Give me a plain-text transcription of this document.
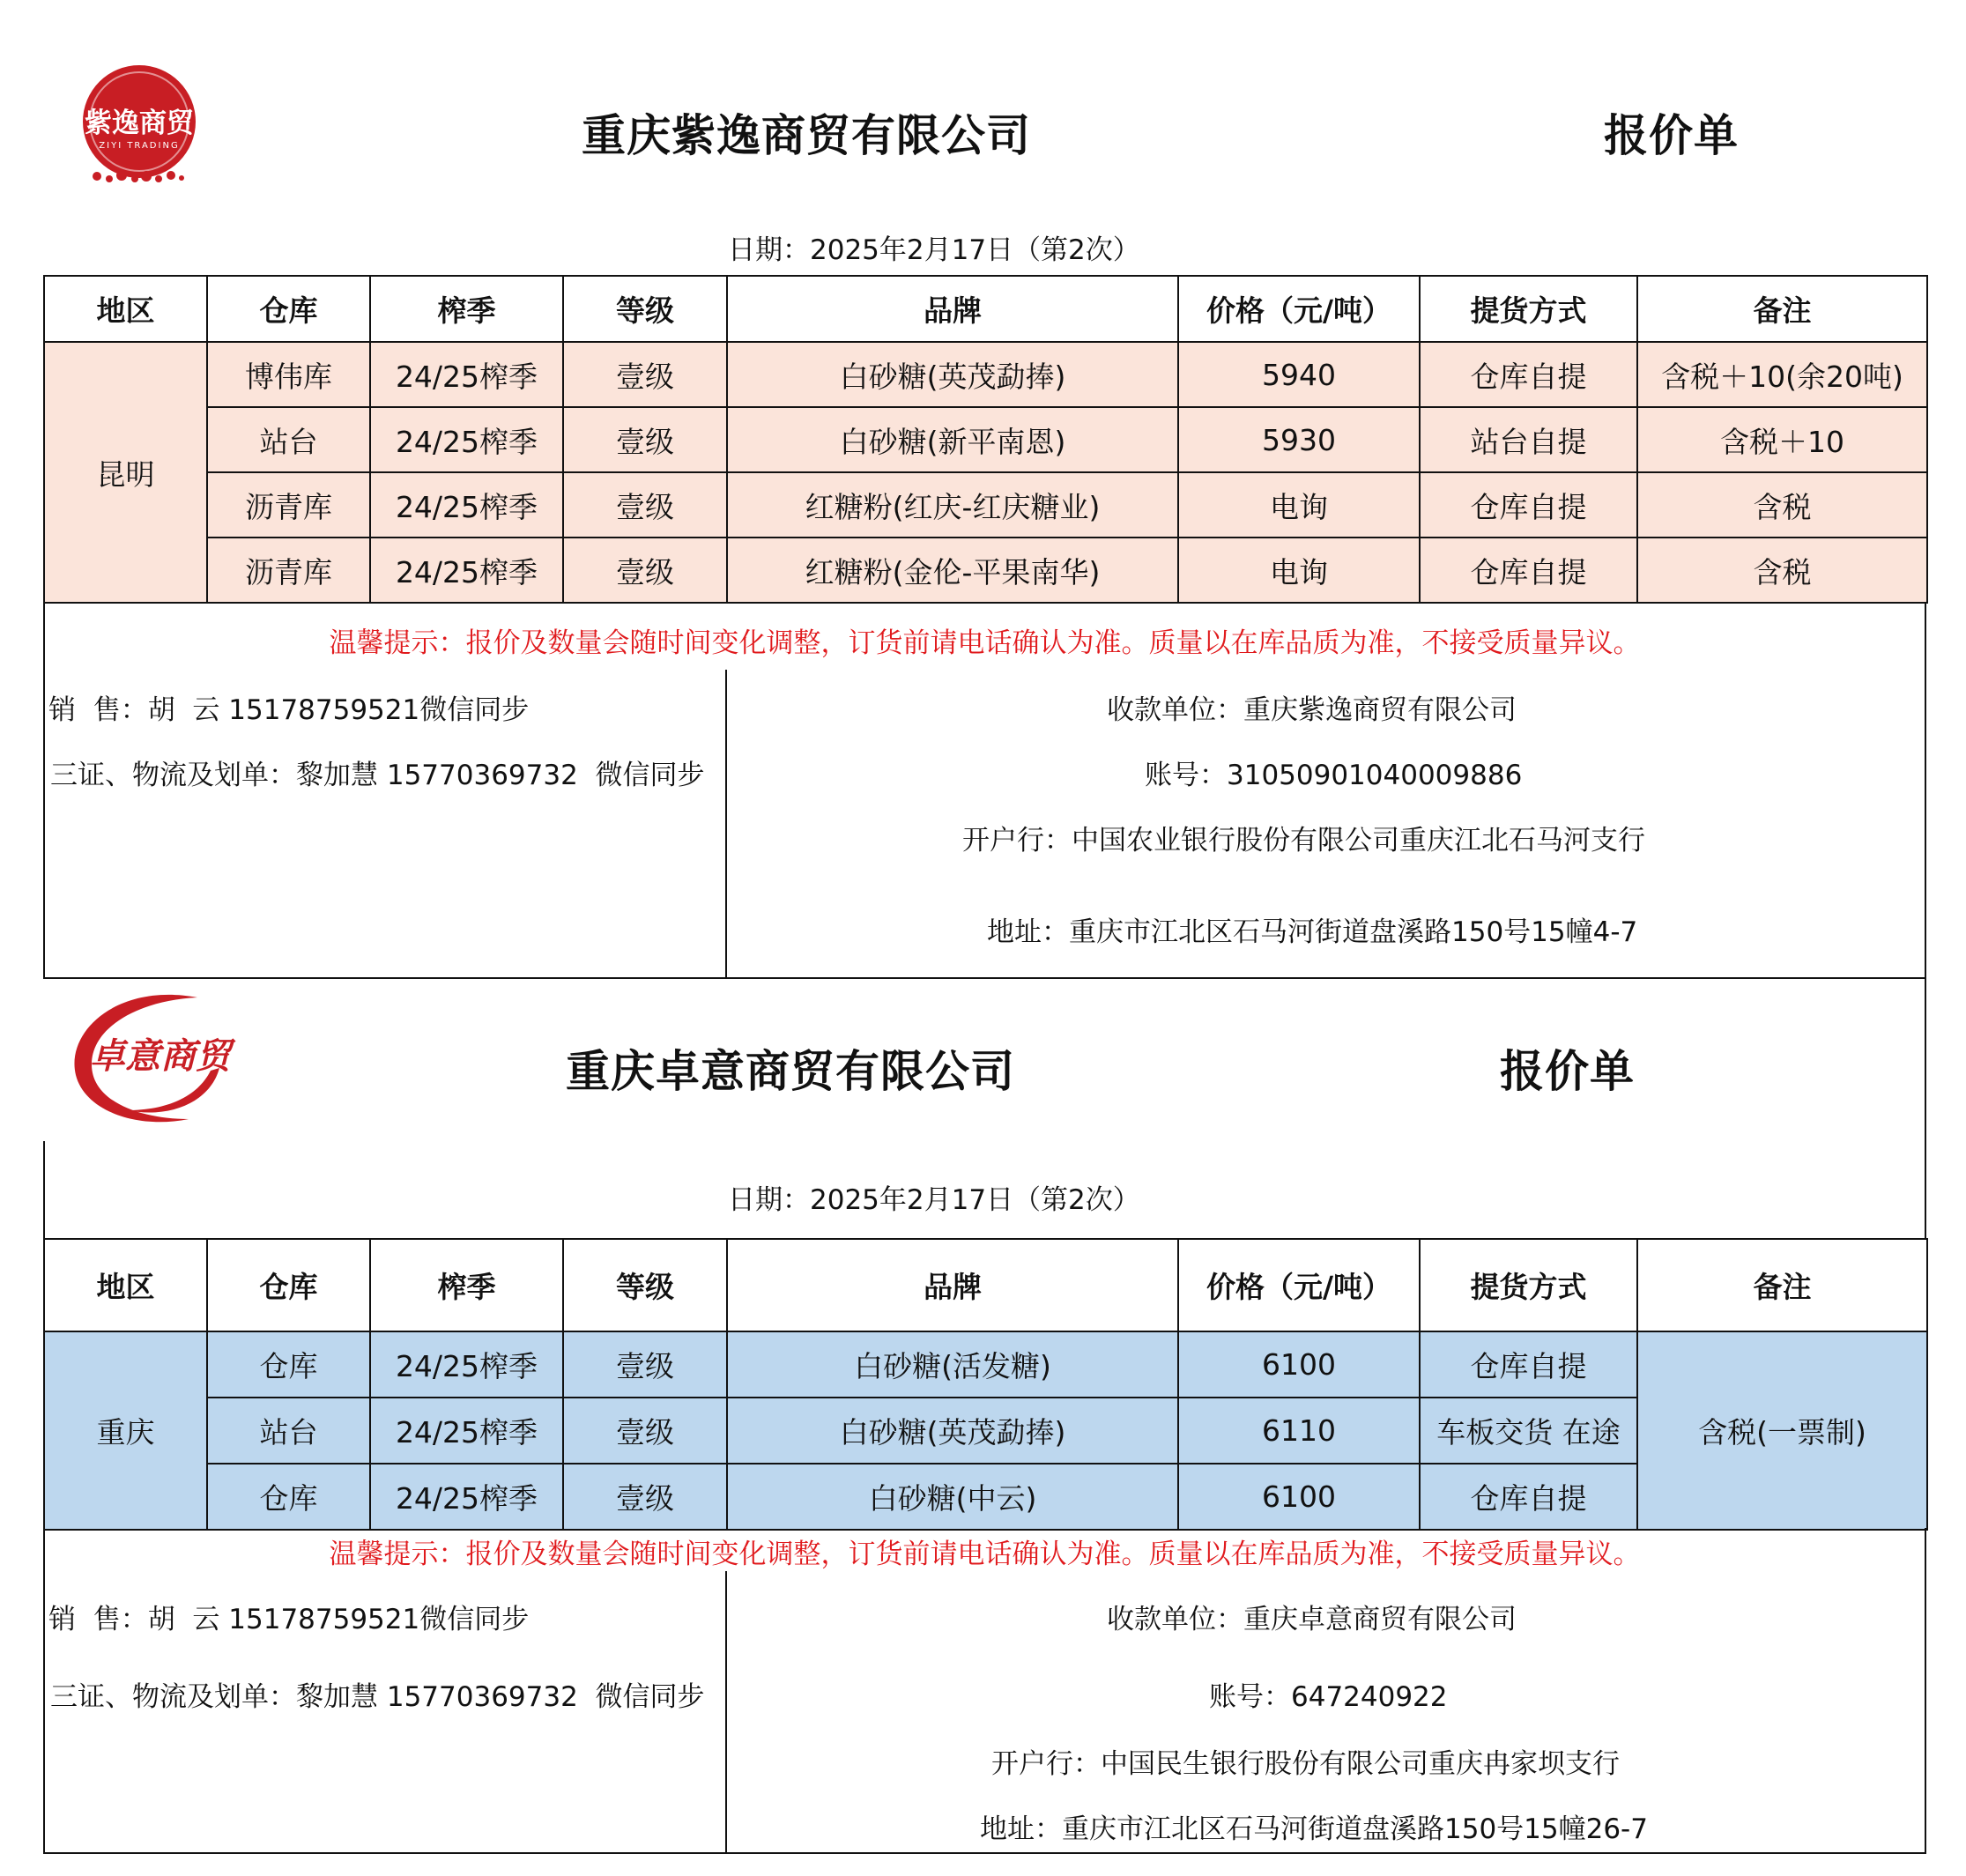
紫逸商贸
ZIYI TRADING	重庆紫逸商贸有限公司	报价单
日期：2025年2月17日（第2次）
地区	仓库	榨季	等级	品牌	价格（元/吨）	提货方式	备注
昆明	博伟库	24/25榨季	壹级	白砂糖(英茂勐捧)	5940	仓库自提	含税＋10(余20吨)
	站台	24/25榨季	壹级	白砂糖(新平南恩)	5930	站台自提	含税＋10
	沥青库	24/25榨季	壹级	红糖粉(红庆-红庆糖业)	电询	仓库自提	含税
	沥青库	24/25榨季	壹级	红糖粉(金伦-平果南华)	电询	仓库自提	含税
温馨提示：报价及数量会随时间变化调整，订货前请电话确认为准。质量以在库品质为准，不接受质量异议。
销  售：胡  云 15178759521微信同步
三证、物流及划单：黎加慧 15770369732  微信同步
收款单位：重庆紫逸商贸有限公司
账号：31050901040009886
开户行：中国农业银行股份有限公司重庆江北石马河支行
地址：重庆市江北区石马河街道盘溪路150号15幢4-7
卓意商贸	重庆卓意商贸有限公司	报价单
日期：2025年2月17日（第2次）
地区	仓库	榨季	等级	品牌	价格（元/吨）	提货方式	备注
重庆	仓库	24/25榨季	壹级	白砂糖(活发糖)	6100	仓库自提	含税(一票制)
	站台	24/25榨季	壹级	白砂糖(英茂勐捧)	6110	车板交货 在途	
	仓库	24/25榨季	壹级	白砂糖(中云)	6100	仓库自提	
温馨提示：报价及数量会随时间变化调整，订货前请电话确认为准。质量以在库品质为准，不接受质量异议。
销  售：胡  云 15178759521微信同步
三证、物流及划单：黎加慧 15770369732  微信同步
收款单位：重庆卓意商贸有限公司
账号：647240922
开户行：中国民生银行股份有限公司重庆冉家坝支行
地址：重庆市江北区石马河街道盘溪路150号15幢26-7
